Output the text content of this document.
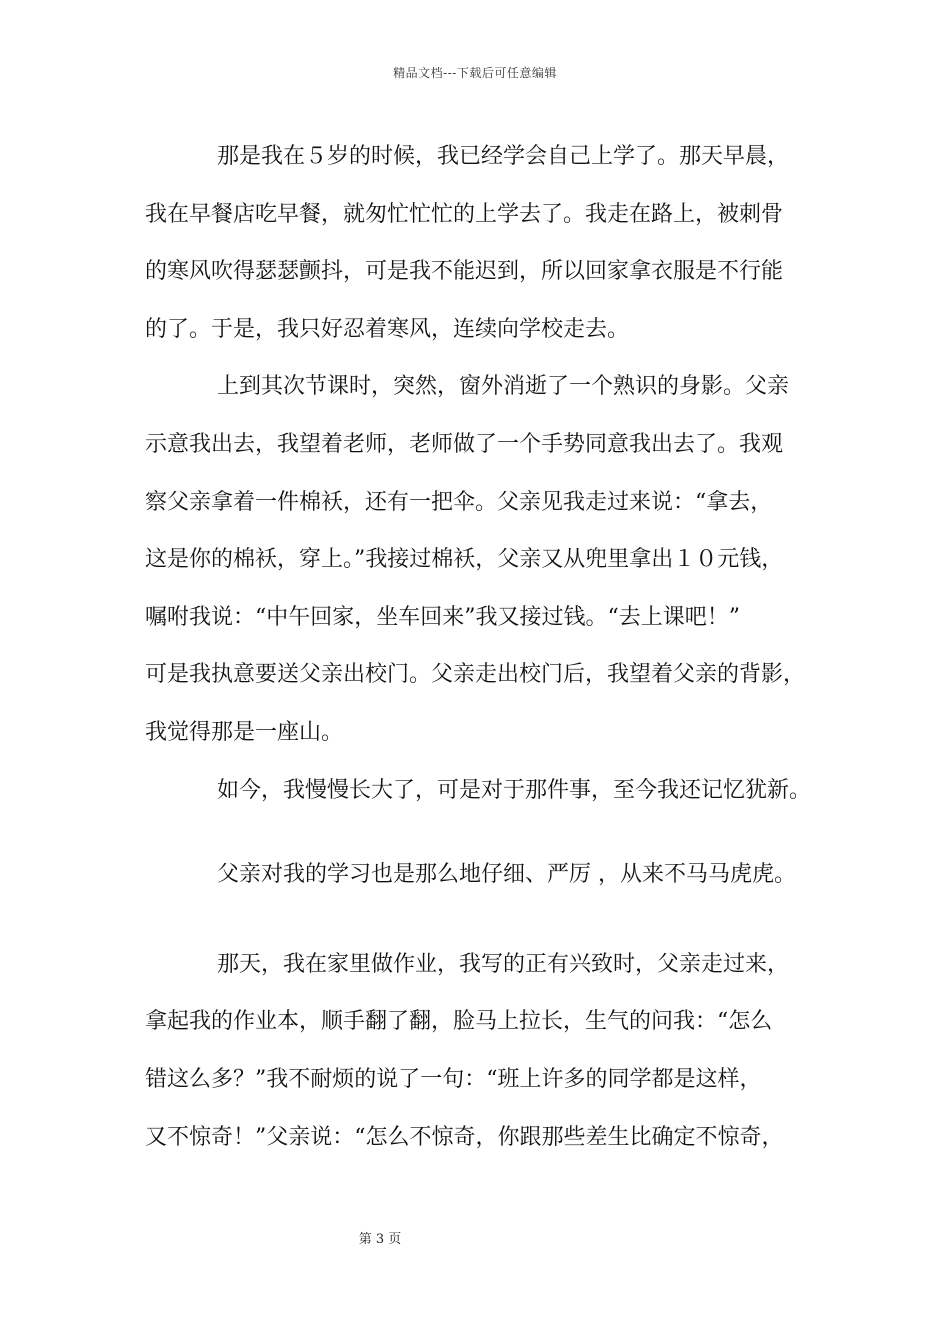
精品文档---下载后可任意编辑
那是我在５岁的时候，我已经学会自己上学了。那天早晨，
我在早餐店吃早餐，就匆忙忙忙的上学去了。我走在路上，被刺骨
的寒风吹得瑟瑟颤抖，可是我不能迟到，所以回家拿衣服是不行能
的了。于是，我只好忍着寒风，连续向学校走去。
上到其次节课时，突然，窗外消逝了一个熟识的身影。父亲
示意我出去，我望着老师，老师做了一个手势同意我出去了。我观
察父亲拿着一件棉袄，还有一把伞。父亲见我走过来说：“拿去，
这是你的棉袄，穿上。”我接过棉袄，父亲又从兜里拿出１０元钱，
嘱咐我说：“中午回家，坐车回来”我又接过钱。“去上课吧！”
可是我执意要送父亲出校门。父亲走出校门后，我望着父亲的背影，
我觉得那是一座山。
如今，我慢慢长大了，可是对于那件事，至今我还记忆犹新。
父亲对我的学习也是那么地仔细、严厉 ，从来不马马虎虎。
那天，我在家里做作业，我写的正有兴致时，父亲走过来，
拿起我的作业本，顺手翻了翻，脸马上拉长，生气的问我：“怎么
错这么多？”我不耐烦的说了一句：“班上许多的同学都是这样，
又不惊奇！”父亲说：“怎么不惊奇，你跟那些差生比确定不惊奇，
第 3 页
